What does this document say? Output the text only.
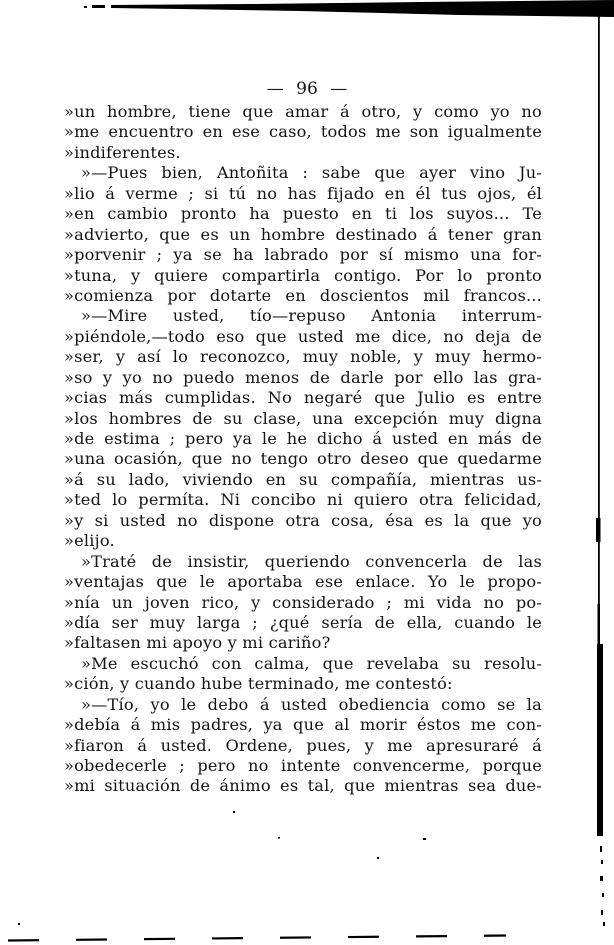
— 96 —
»un hombre, tiene que amar á otro, y como yo no
»me encuentro en ese caso, todos me son igualmente
»indiferentes.
»—Pues bien, Antoñita : sabe que ayer vino Ju-
»lio á verme ; si tú no has fijado en él tus ojos, él
»en cambio pronto ha puesto en ti los suyos... Te
»advierto, que es un hombre destinado á tener gran
»porvenir ; ya se ha labrado por sí mismo una for-
»tuna, y quiere compartirla contigo. Por lo pronto
»comienza por dotarte en doscientos mil francos...
»—Mire usted, tío—repuso Antonia interrum-
»piéndole,—todo eso que usted me dice, no deja de
»ser, y así lo reconozco, muy noble, y muy hermo-
»so y yo no puedo menos de darle por ello las gra-
»cias más cumplidas. No negaré que Julio es entre
»los hombres de su clase, una excepción muy digna
»de estima ; pero ya le he dicho á usted en más de
»una ocasión, que no tengo otro deseo que quedarme
»á su lado, viviendo en su compañía, mientras us-
»ted lo permíta. Ni concibo ni quiero otra felicidad,
»y si usted no dispone otra cosa, ésa es la que yo
»elijo.
»Traté de insistir, queriendo convencerla de las
»ventajas que le aportaba ese enlace. Yo le propo-
»nía un joven rico, y considerado ; mi vida no po-
»día ser muy larga ; ¿qué sería de ella, cuando le
»faltasen mi apoyo y mi cariño?
»Me escuchó con calma, que revelaba su resolu-
»ción, y cuando hube terminado, me contestó:
»—Tío, yo le debo á usted obediencia como se la
»debía á mis padres, ya que al morir éstos me con-
»fiaron á usted. Ordene, pues, y me apresuraré á
»obedecerle ; pero no intente convencerme, porque
»mi situación de ánimo es tal, que mientras sea due-
